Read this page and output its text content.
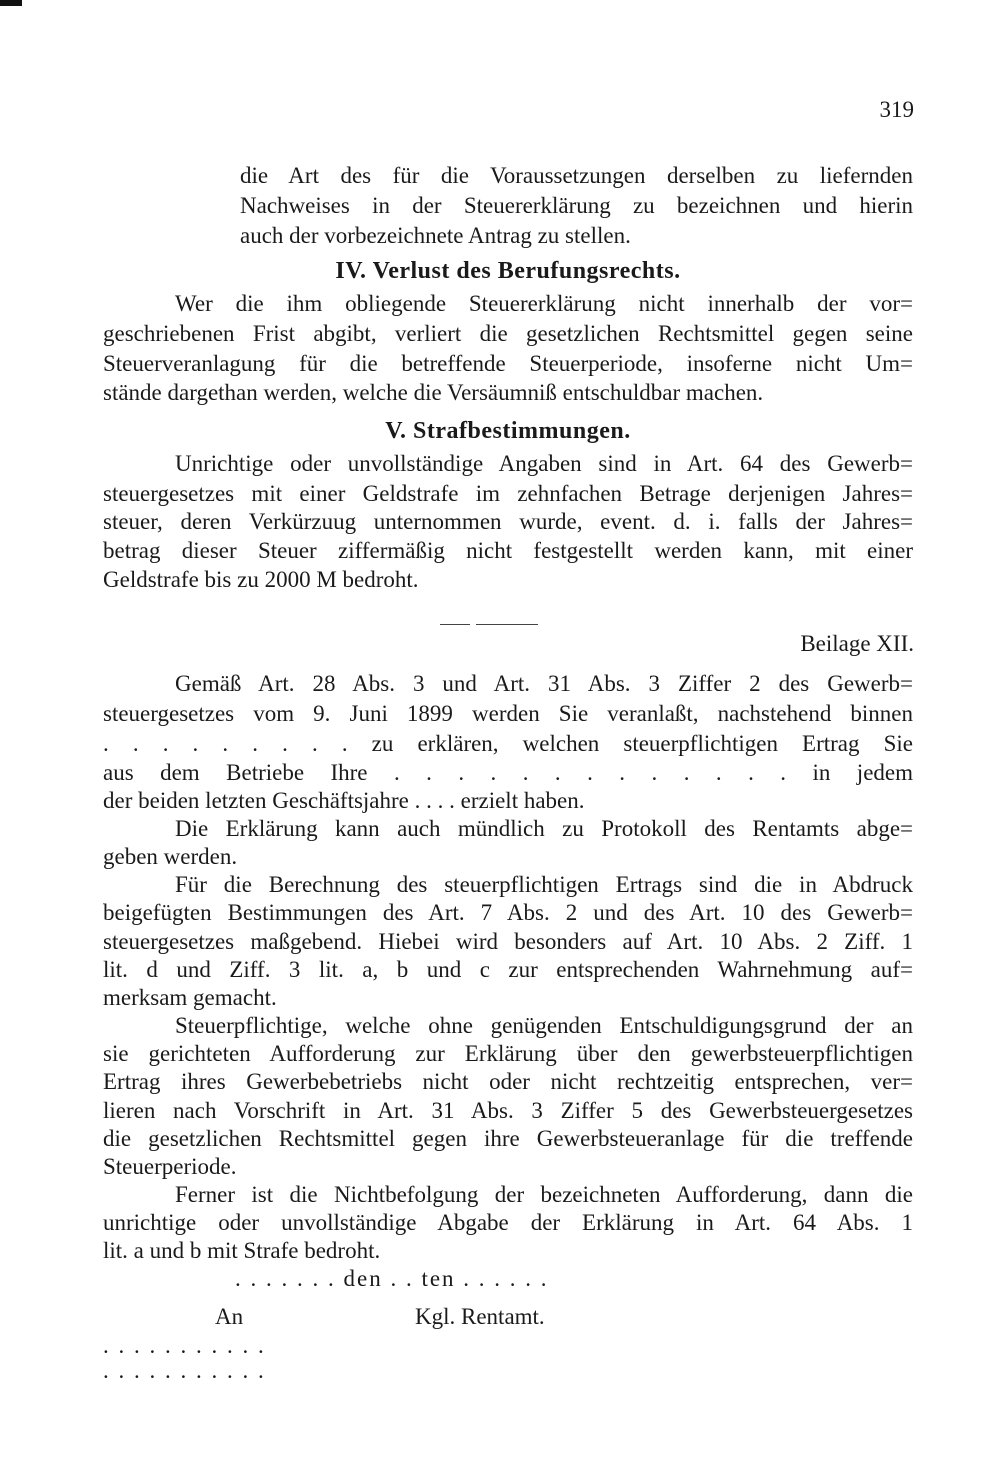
319
die Art des für die Voraussetzungen derselben zu liefernden
Nachweises in der Steuererklärung zu bezeichnen und hierin
auch der vorbezeichnete Antrag zu stellen.
IV. Verlust des Berufungsrechts.
Wer die ihm obliegende Steuererklärung nicht innerhalb der vor=
geschriebenen Frist abgibt, verliert die gesetzlichen Rechtsmittel gegen seine
Steuerveranlagung für die betreffende Steuerperiode, insoferne nicht Um=
stände dargethan werden, welche die Versäumniß entschuldbar machen.
V. Strafbestimmungen.
Unrichtige oder unvollständige Angaben sind in Art. 64 des Gewerb=
steuergesetzes mit einer Geldstrafe im zehnfachen Betrage derjenigen Jahres=
steuer, deren Verkürzuug unternommen wurde, event. d. i. falls der Jahres=
betrag dieser Steuer ziffermäßig nicht festgestellt werden kann, mit einer
Geldstrafe bis zu 2000 M bedroht.
Beilage XII.
Gemäß Art. 28 Abs. 3 und Art. 31 Abs. 3 Ziffer 2 des Gewerb=
steuergesetzes vom 9. Juni 1899 werden Sie veranlaßt, nachstehend binnen
. . . . . . . . . zu erklären, welchen steuerpflichtigen Ertrag Sie
aus dem Betriebe Ihre . . . . . . . . . . . . . in jedem
der beiden letzten Geschäftsjahre . . . . erzielt haben.
Die Erklärung kann auch mündlich zu Protokoll des Rentamts abge=
geben werden.
Für die Berechnung des steuerpflichtigen Ertrags sind die in Abdruck
beigefügten Bestimmungen des Art. 7 Abs. 2 und des Art. 10 des Gewerb=
steuergesetzes maßgebend. Hiebei wird besonders auf Art. 10 Abs. 2 Ziff. 1
lit. d und Ziff. 3 lit. a, b und c zur entsprechenden Wahrnehmung auf=
merksam gemacht.
Steuerpflichtige, welche ohne genügenden Entschuldigungsgrund der an
sie gerichteten Aufforderung zur Erklärung über den gewerbsteuerpflichtigen
Ertrag ihres Gewerbebetriebs nicht oder nicht rechtzeitig entsprechen, ver=
lieren nach Vorschrift in Art. 31 Abs. 3 Ziffer 5 des Gewerbsteuergesetzes
die gesetzlichen Rechtsmittel gegen ihre Gewerbsteueranlage für die treffende
Steuerperiode.
Ferner ist die Nichtbefolgung der bezeichneten Aufforderung, dann die
unrichtige oder unvollständige Abgabe der Erklärung in Art. 64 Abs. 1
lit. a und b mit Strafe bedroht.
. . . . . . . den . . ten . . . . . .
An	Kgl. Rentamt.
. . . . . . . . . . .
. . . . . . . . . . .
